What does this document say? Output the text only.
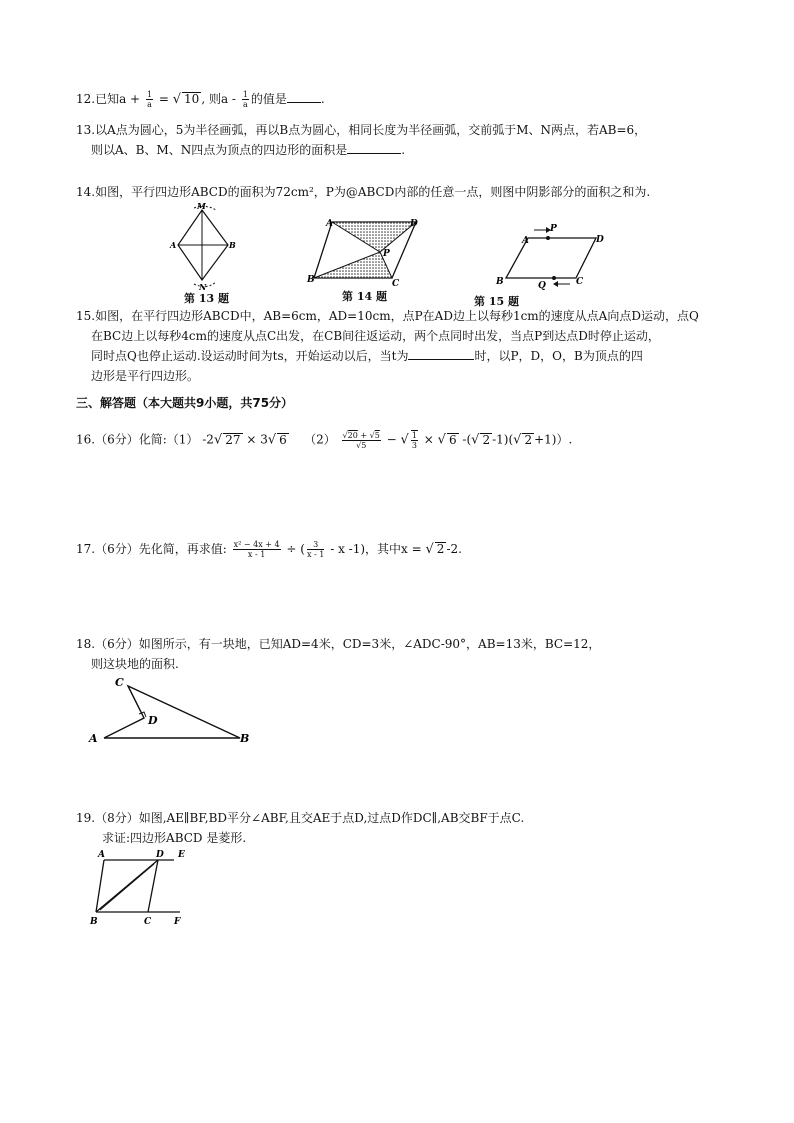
12.已知$a + \frac{1}{a}$ = √ 10 , 则a - $\frac{1}{a}$ 的值是	.
13.以A点为圆心，5为半径画弧，再以B点为圆心，相同长度为半径画弧，交前弧于M、N两点，若AB=6，
则以A、B、M、N四点为顶点的四边形的面积是	.
14.如图，平行四边形ABCD的面积为72cm²，P为@ABCD内部的任意一点，则图中阴影部分的面积之和为.
M
A	B
N
第 13 题
A	D
P
B	C
第 14 题
A
P
D
B	Q	C
第 15 题
15.如图，在平行四边形ABCD中，AB=6cm，AD=10cm，点P在AD边上以每秒1cm的速度从点A向点D运动，点Q
在BC边上以每秒4cm的速度从点C出发，在CB间往返运动，两个点同时出发，当点P到达点D时停止运动，
同时点Q也停止运动.设运动时间为ts，开始运动以后，当t为	时，以P，D，O，B为顶点的四
边形是平行四边形。
三、解答题（本大题共9小题，共75分）
16.（6分）化简:（1） -2√ 27 × 3√ 6 $(2) \frac{√20 + √5}{√5}$ − √ $\frac{1}{3}$ × √ 6 -(√ 2 -1)(√ 2 +1)）.
17.（6分）先化简，再求值: $\frac{\text{x² − 4x + 4}}{x - 1}$ ÷ ( $\frac{3}{x - 1}$ - x -1)，其中x = √ 2 -2.
18.（6分）如图所示，有一块地，已知AD=4米，CD=3米，∠ADC-90°，AB=13米，BC=12，
则这块地的面积.
C
D
A	B
19.（8分）如图,AE∥BF,BD平分∠ABF,且交AE于点D,过点D作DC∥,AB交BF于点C.
求证:四边形ABCD 是菱形.
A	D E
B	C	F
